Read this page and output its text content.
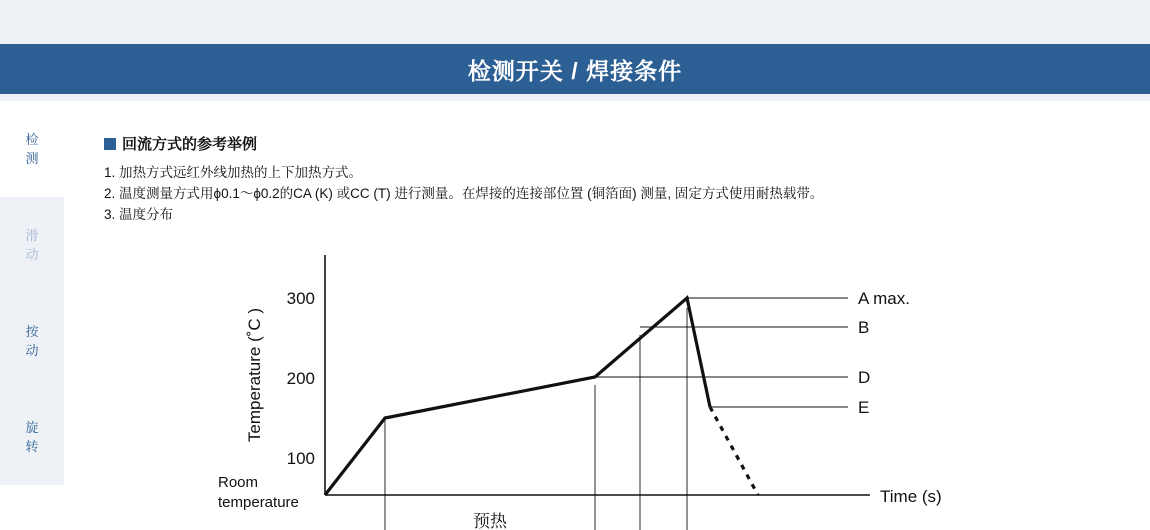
检测开关 / 焊接条件
检
测
滑
动
按
动
旋
转
回流方式的参考举例
1. 加热方式远红外线加热的上下加热方式。
2. 温度测量方式用ϕ0.1～ϕ0.2的CA (K) 或CC (T) 进行测量。在焊接的连接部位置 (铜箔面) 测量, 固定方式使用耐热载带。
3. 温度分布
Room
temperature
300
200
100
Temperature (˚C )
Time (s)
A max.
B
D
E
预热
